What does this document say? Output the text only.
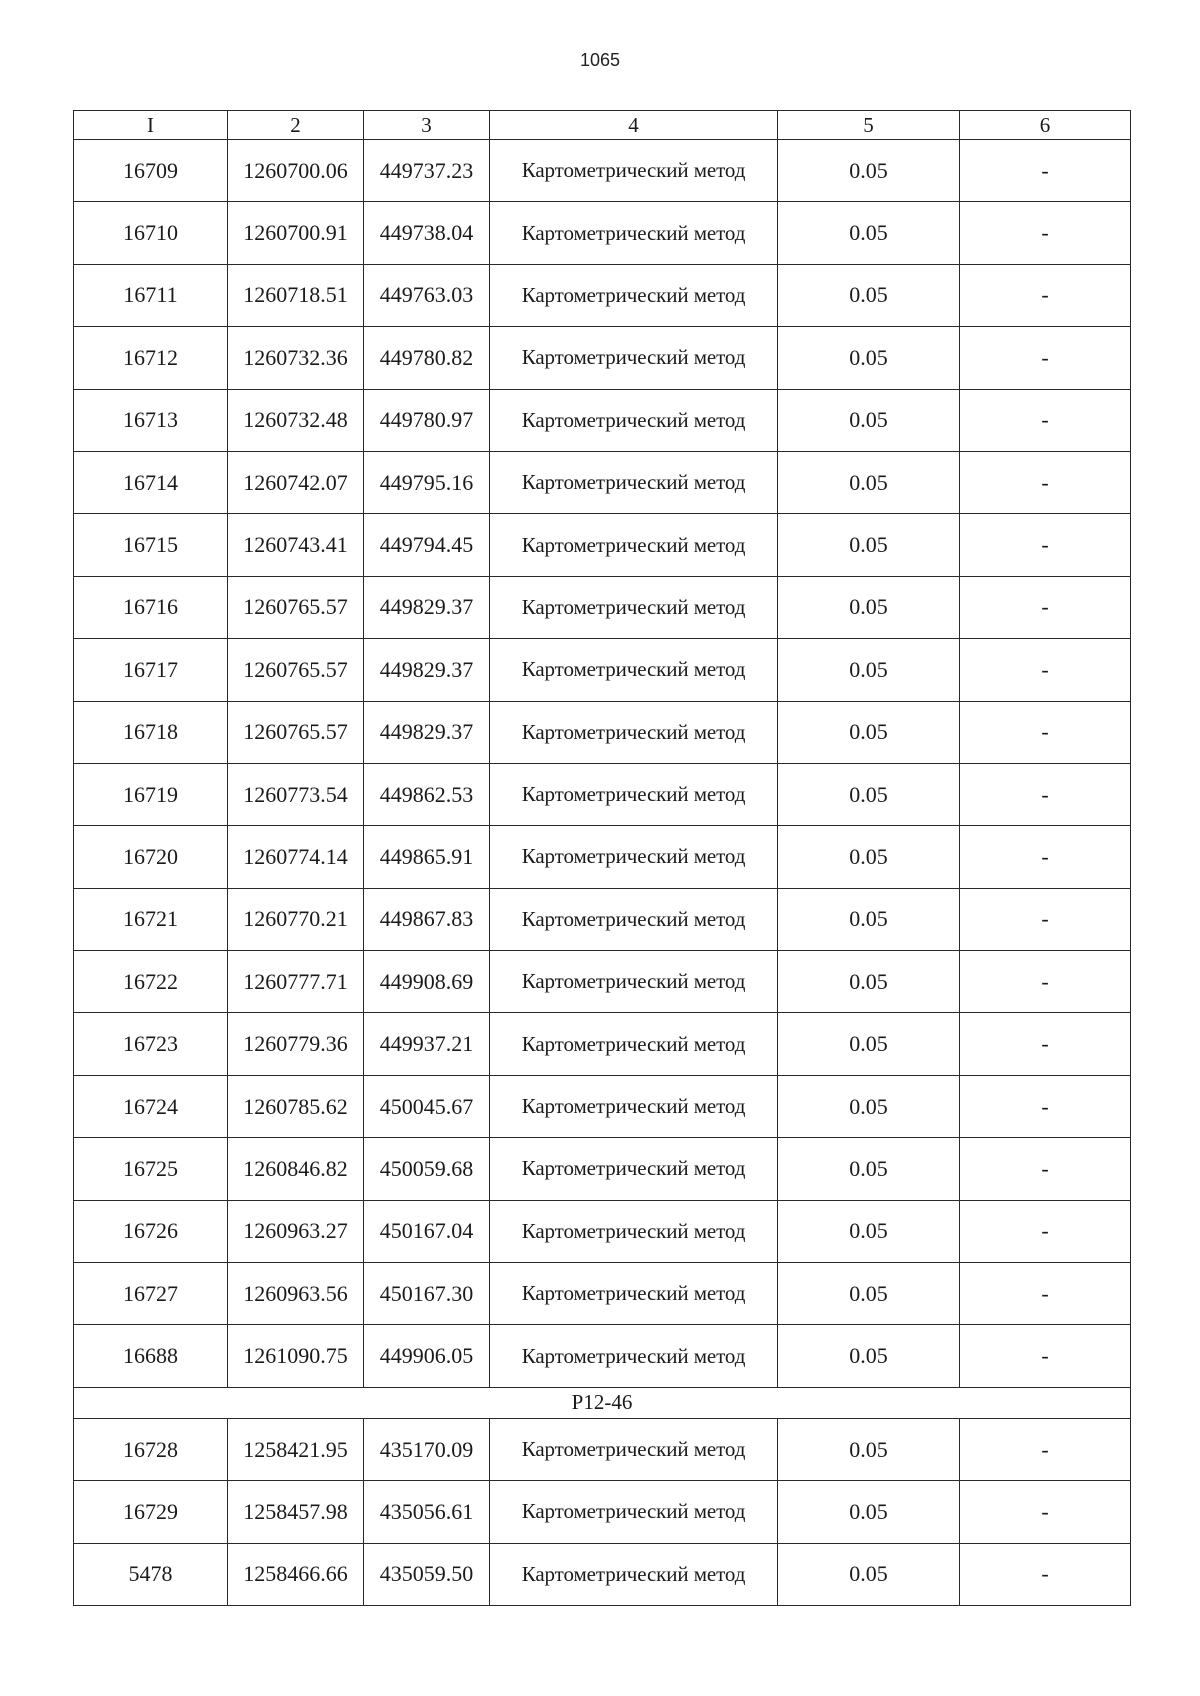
1065
I	2	3	4	5	6
16709	1260700.06	449737.23	Картометрический метод	0.05	-
16710	1260700.91	449738.04	Картометрический метод	0.05	-
16711	1260718.51	449763.03	Картометрический метод	0.05	-
16712	1260732.36	449780.82	Картометрический метод	0.05	-
16713	1260732.48	449780.97	Картометрический метод	0.05	-
16714	1260742.07	449795.16	Картометрический метод	0.05	-
16715	1260743.41	449794.45	Картометрический метод	0.05	-
16716	1260765.57	449829.37	Картометрический метод	0.05	-
16717	1260765.57	449829.37	Картометрический метод	0.05	-
16718	1260765.57	449829.37	Картометрический метод	0.05	-
16719	1260773.54	449862.53	Картометрический метод	0.05	-
16720	1260774.14	449865.91	Картометрический метод	0.05	-
16721	1260770.21	449867.83	Картометрический метод	0.05	-
16722	1260777.71	449908.69	Картометрический метод	0.05	-
16723	1260779.36	449937.21	Картометрический метод	0.05	-
16724	1260785.62	450045.67	Картометрический метод	0.05	-
16725	1260846.82	450059.68	Картометрический метод	0.05	-
16726	1260963.27	450167.04	Картометрический метод	0.05	-
16727	1260963.56	450167.30	Картометрический метод	0.05	-
16688	1261090.75	449906.05	Картометрический метод	0.05	-
Р12-46					
16728	1258421.95	435170.09	Картометрический метод	0.05	-
16729	1258457.98	435056.61	Картометрический метод	0.05	-
5478	1258466.66	435059.50	Картометрический метод	0.05	-
